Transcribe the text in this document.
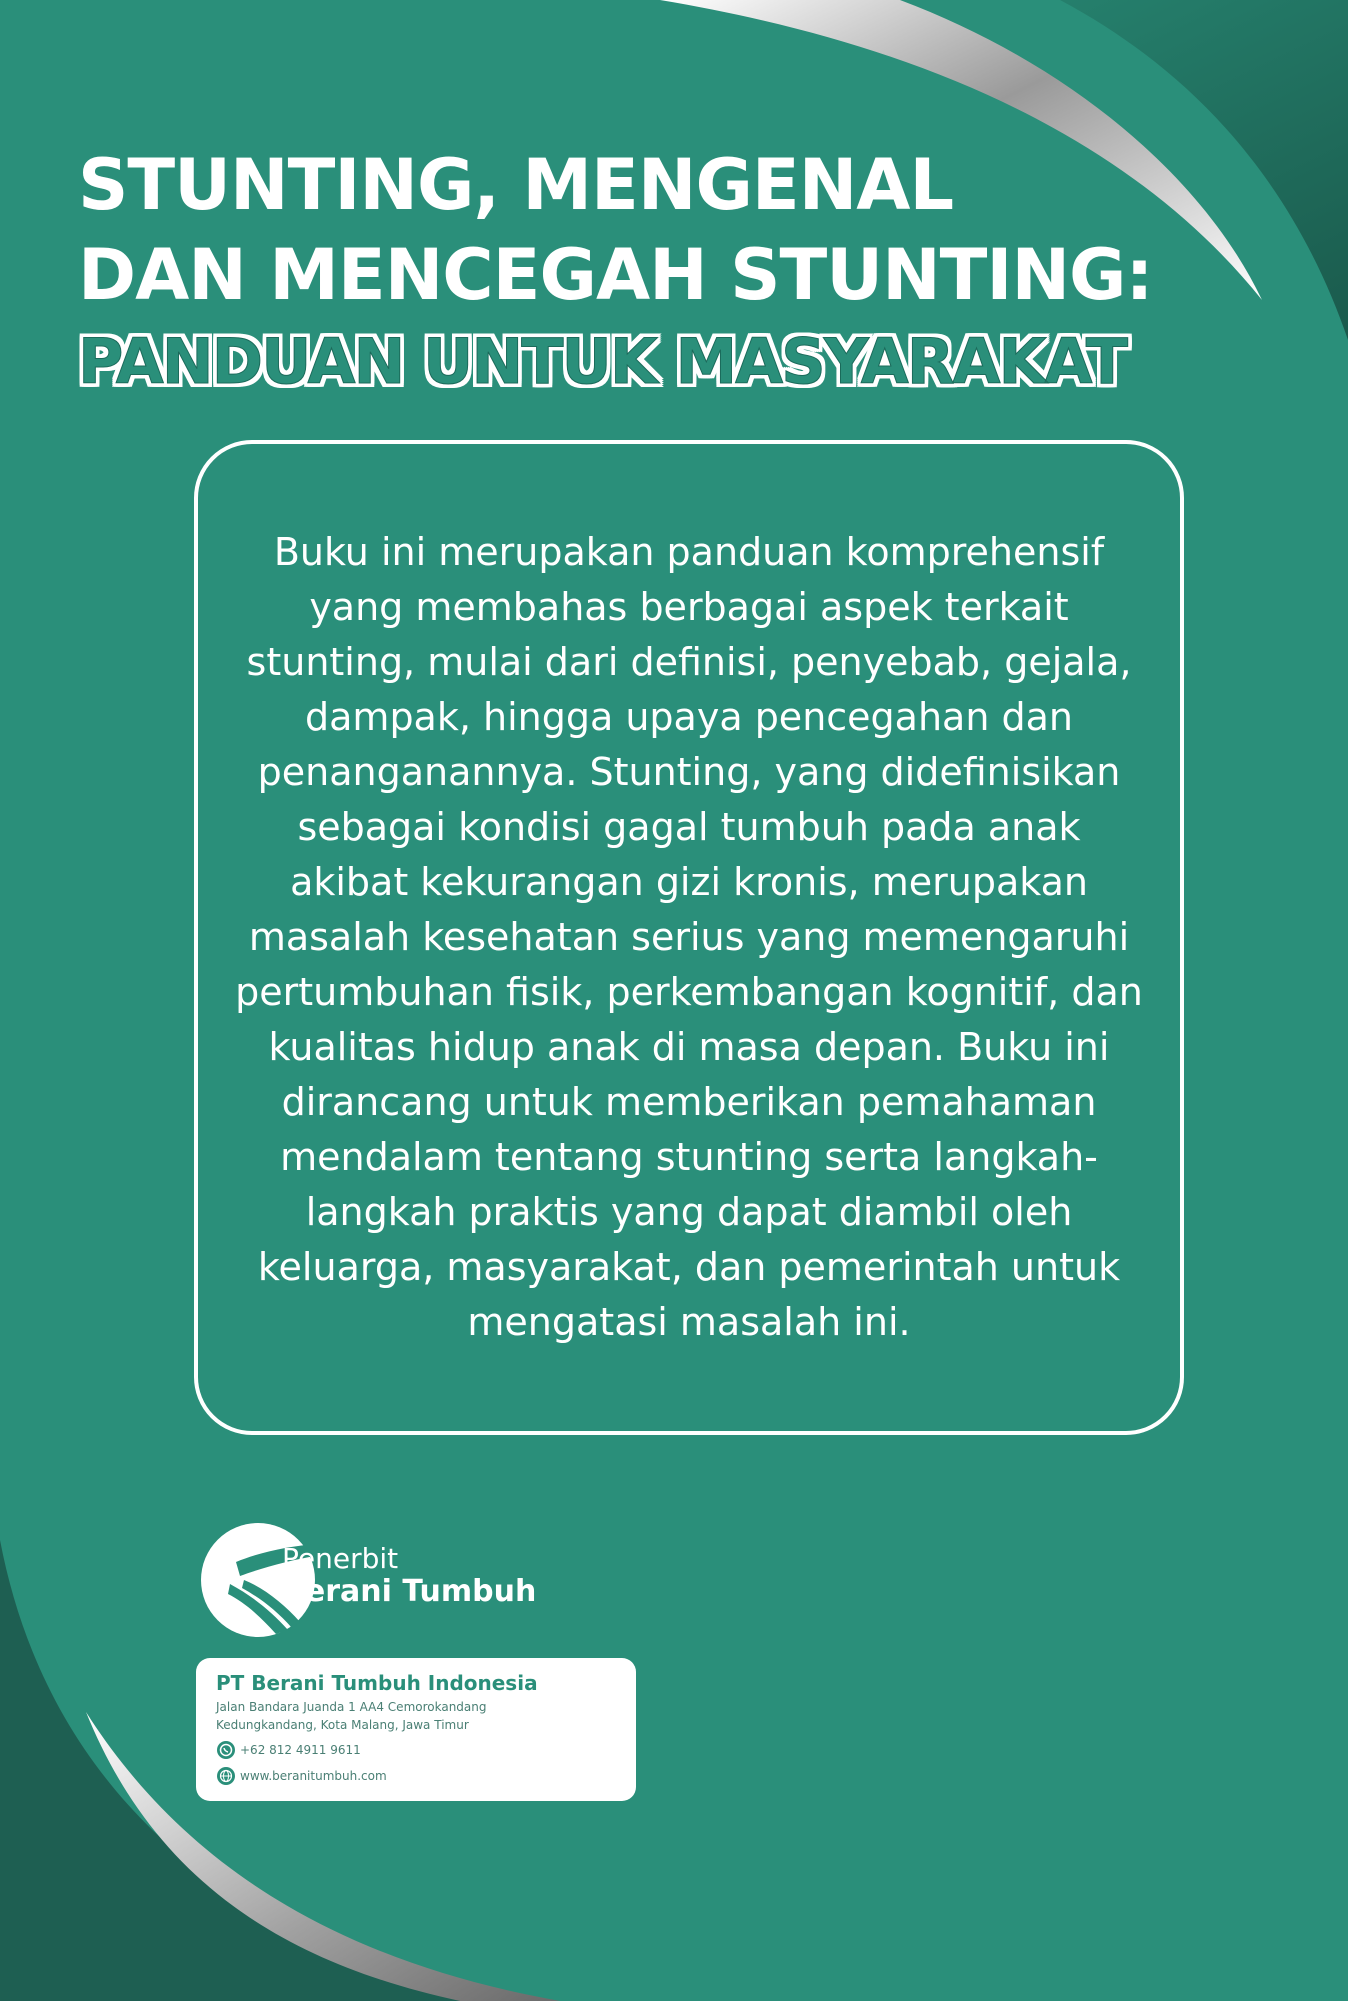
STUNTING, MENGENAL
DAN MENCEGAH STUNTING:
PANDUAN UNTUK MASYARAKAT

Buku ini merupakan panduan komprehensif yang membahas berbagai aspek terkait stunting, mulai dari definisi, penyebab, gejala, dampak, hingga upaya pencegahan dan penanganannya. Stunting, yang didefinisikan sebagai kondisi gagal tumbuh pada anak akibat kekurangan gizi kronis, merupakan masalah kesehatan serius yang memengaruhi pertumbuhan fisik, perkembangan kognitif, dan kualitas hidup anak di masa depan. Buku ini dirancang untuk memberikan pemahaman mendalam tentang stunting serta langkah-langkah praktis yang dapat diambil oleh keluarga, masyarakat, dan pemerintah untuk mengatasi masalah ini.

Penerbit
Berani Tumbuh
PT Berani Tumbuh Indonesia
Jalan Bandara Juanda 1 AA4 Cemorokandang
Kedungkandang, Kota Malang, Jawa Timur
+62 812 4911 9611
www.beranitumbuh.com
